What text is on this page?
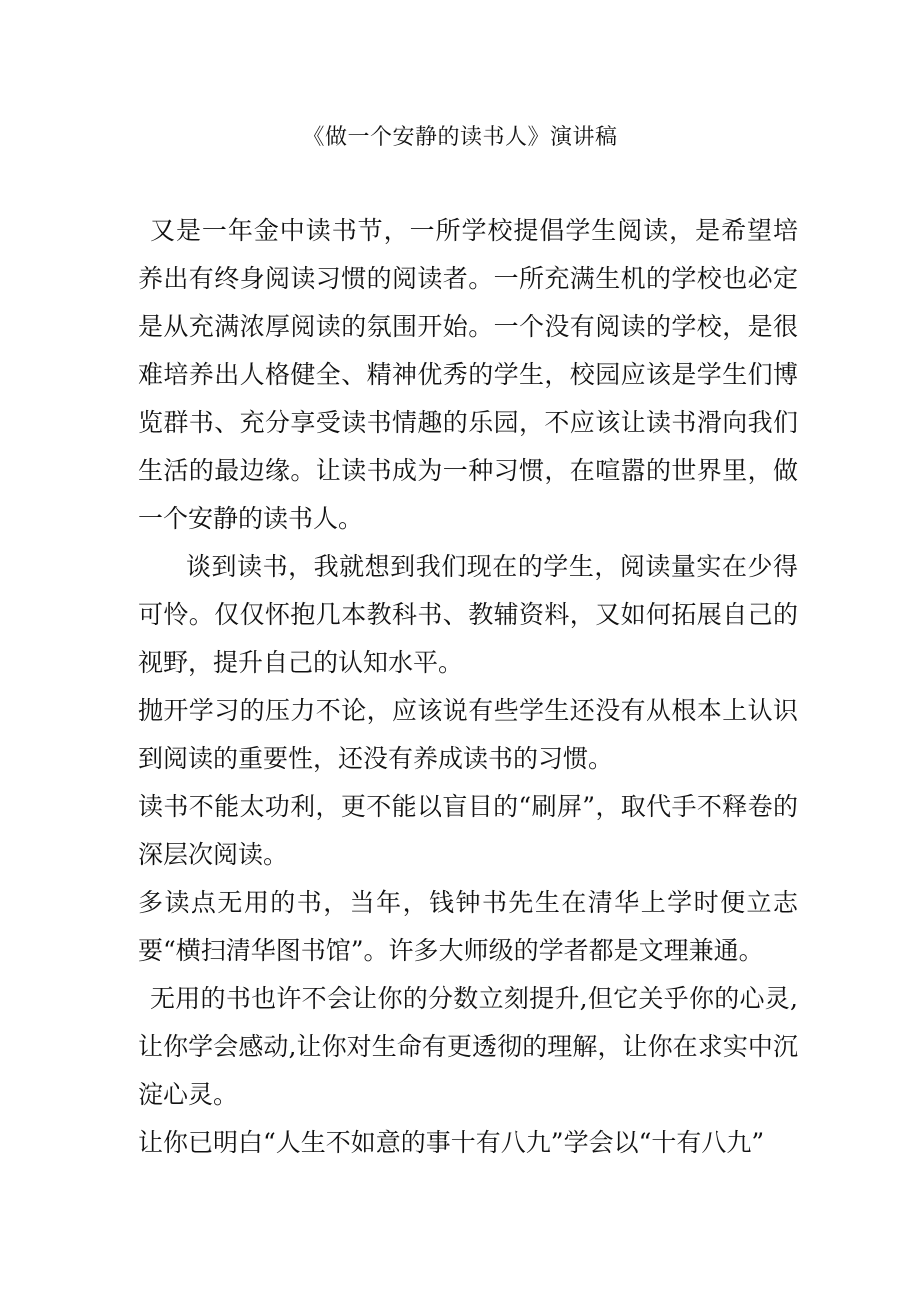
《做一个安静的读书人》演讲稿

又是一年金中读书节，一所学校提倡学生阅读，是希望培养出有终身阅读习惯的阅读者。一所充满生机的学校也必定是从充满浓厚阅读的氛围开始。一个没有阅读的学校，是很难培养出人格健全、精神优秀的学生，校园应该是学生们博览群书、充分享受读书情趣的乐园，不应该让读书滑向我们生活的最边缘。让读书成为一种习惯，在喧嚣的世界里，做一个安静的读书人。

谈到读书，我就想到我们现在的学生，阅读量实在少得可怜。仅仅怀抱几本教科书、教辅资料，又如何拓展自己的视野，提升自己的认知水平。

抛开学习的压力不论，应该说有些学生还没有从根本上认识到阅读的重要性，还没有养成读书的习惯。

读书不能太功利，更不能以盲目的“刷屏”，取代手不释卷的深层次阅读。

多读点无用的书，当年，钱钟书先生在清华上学时便立志要“横扫清华图书馆”。许多大师级的学者都是文理兼通。

无用的书也许不会让你的分数立刻提升,但它关乎你的心灵,让你学会感动,让你对生命有更透彻的理解，让你在求实中沉淀心灵。

让你已明白“人生不如意的事十有八九”学会以“十有八九”
